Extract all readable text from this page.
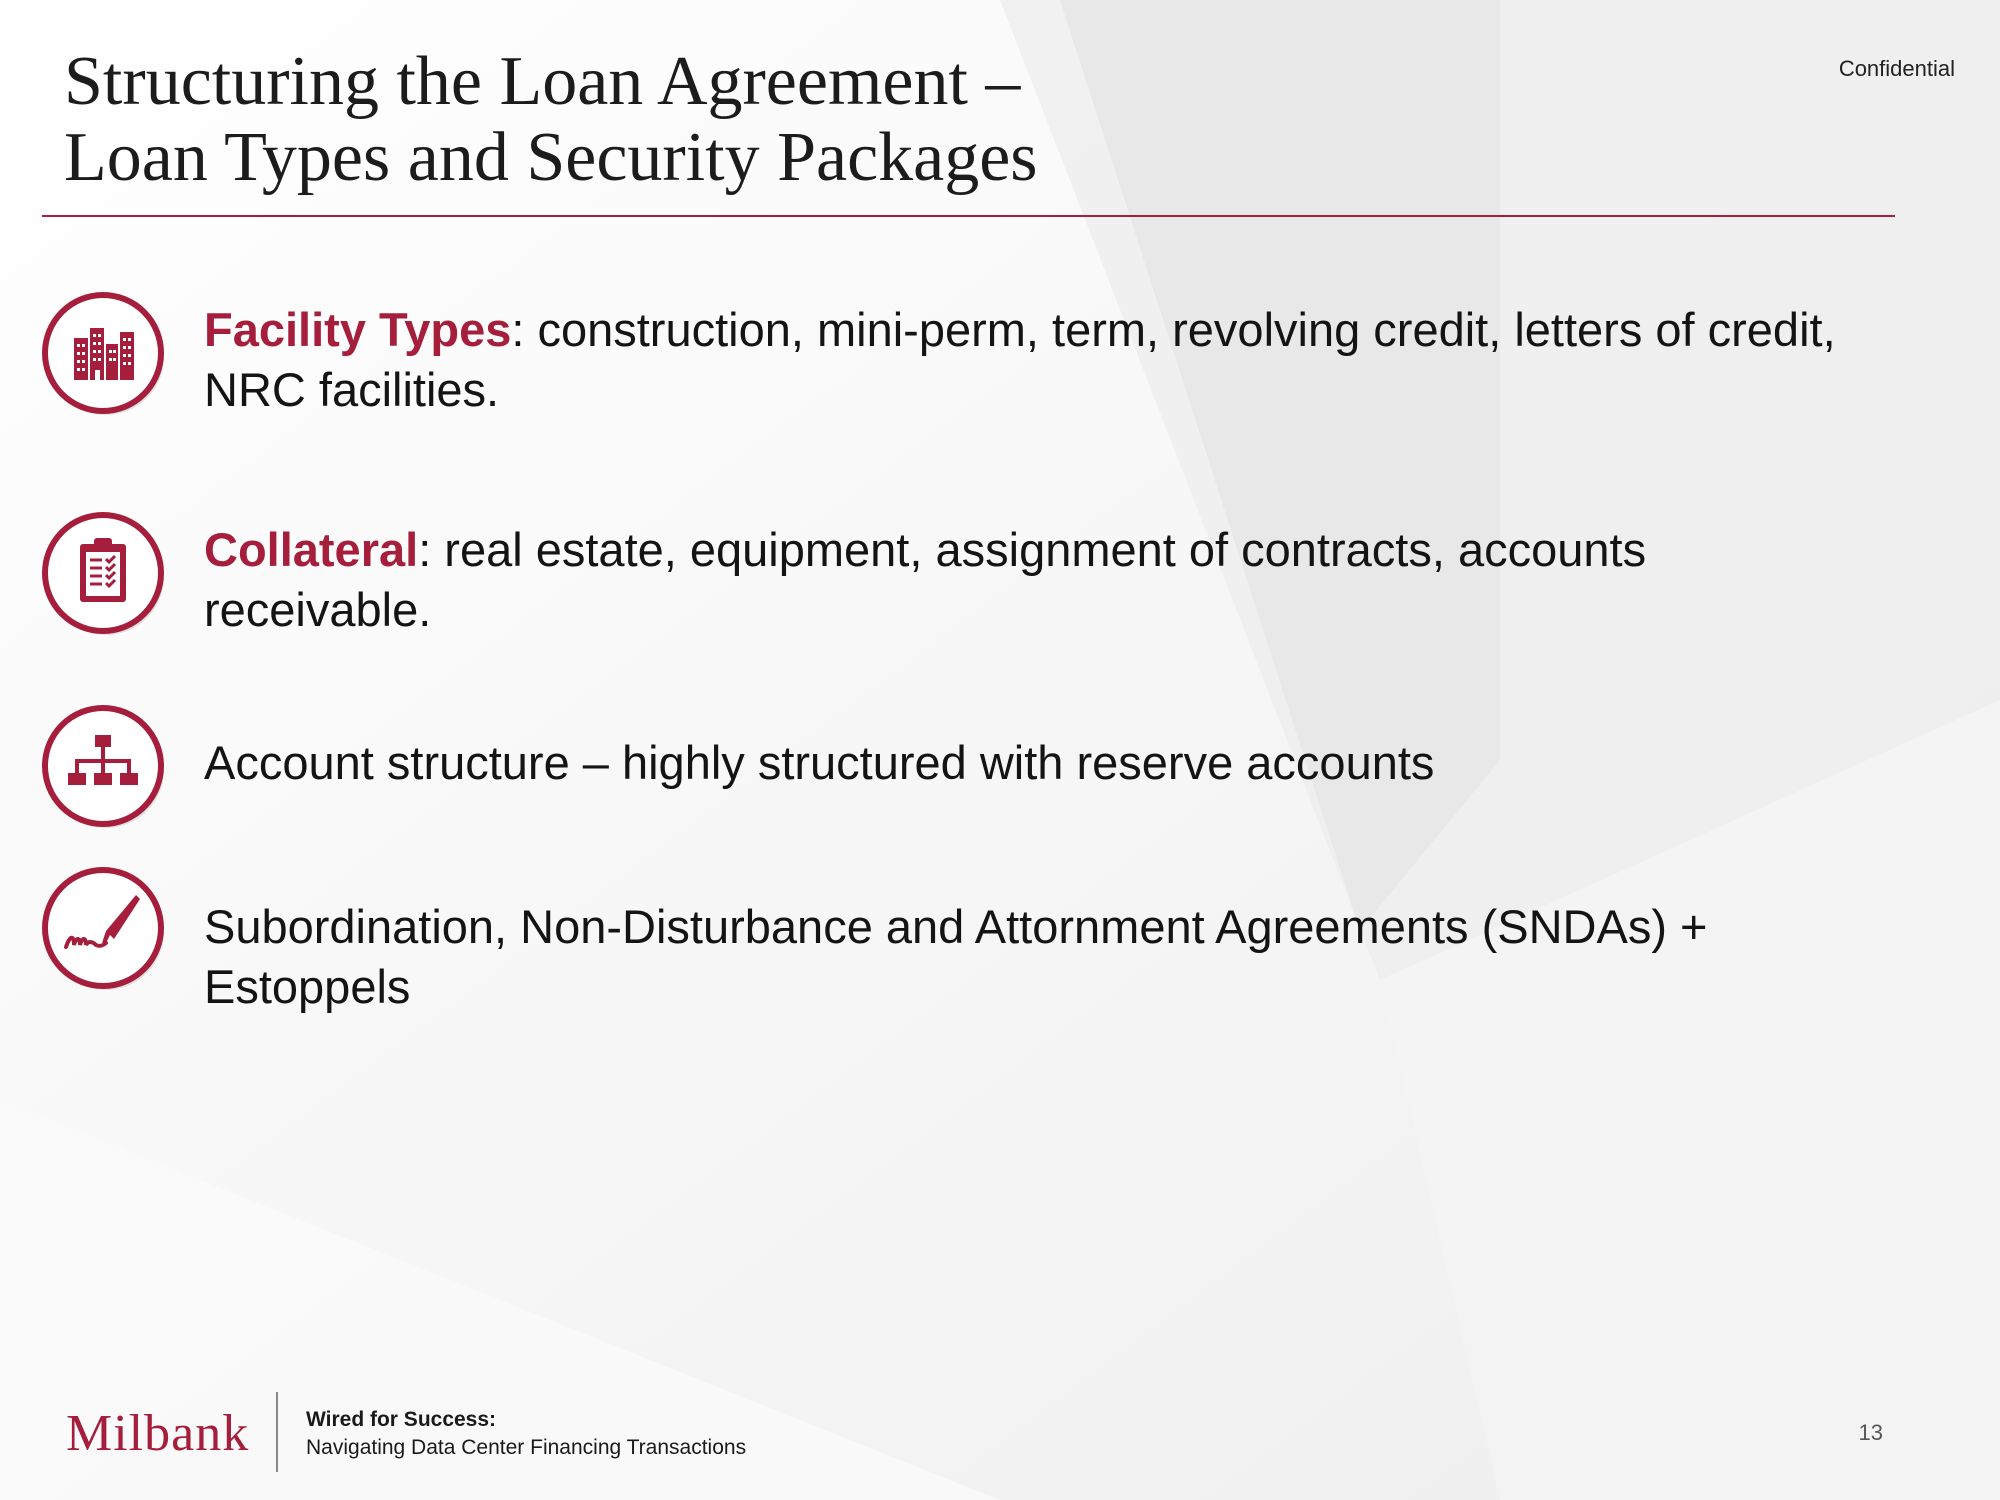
Structuring the Loan Agreement –
Loan Types and Security Packages
Confidential
Facility Types: construction, mini-perm, term, revolving credit, letters of credit, NRC facilities.
Collateral: real estate, equipment, assignment of contracts, accounts receivable.
Account structure – highly structured with reserve accounts
Subordination, Non-Disturbance and Attornment Agreements (SNDAs) + Estoppels
Milbank	Wired for Success:
Navigating Data Center Financing Transactions
13
